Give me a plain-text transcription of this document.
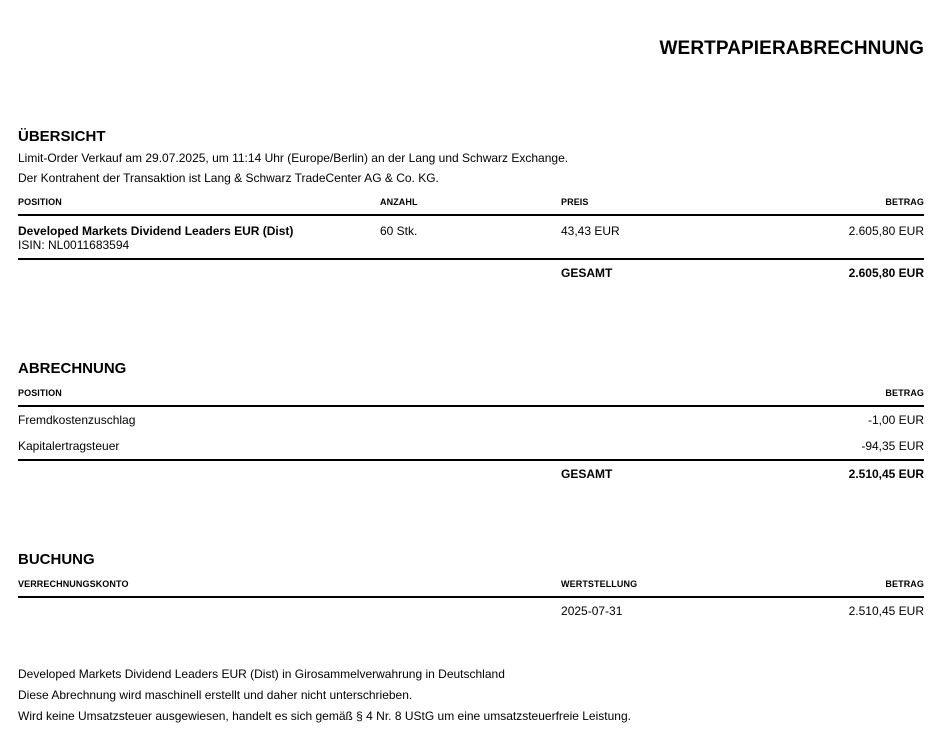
WERTPAPIERABRECHNUNG
ÜBERSICHT
Limit-Order Verkauf am 29.07.2025, um 11:14 Uhr (Europe/Berlin) an der Lang und Schwarz Exchange.
Der Kontrahent der Transaktion ist Lang & Schwarz TradeCenter AG & Co. KG.
POSITION	ANZAHL	PREIS	BETRAG

Developed Markets Dividend Leaders EUR (Dist)
ISIN: NL0011683594	60 Stk.	43,43 EUR	2.605,80 EUR
		GESAMT	2.605,80 EUR
ABRECHNUNG
POSITION			BETRAG
Fremdkostenzuschlag			-1,00 EUR
Kapitalertragsteuer			-94,35 EUR
		GESAMT	2.510,45 EUR
BUCHUNG
VERRECHNUNGSKONTO	WERTSTELLUNG	BETRAG
	2025-07-31	2.510,45 EUR
Developed Markets Dividend Leaders EUR (Dist) in Girosammelverwahrung in Deutschland
Diese Abrechnung wird maschinell erstellt und daher nicht unterschrieben.
Wird keine Umsatzsteuer ausgewiesen, handelt es sich gemäß § 4 Nr. 8 UStG um eine umsatzsteuerfreie Leistung.
